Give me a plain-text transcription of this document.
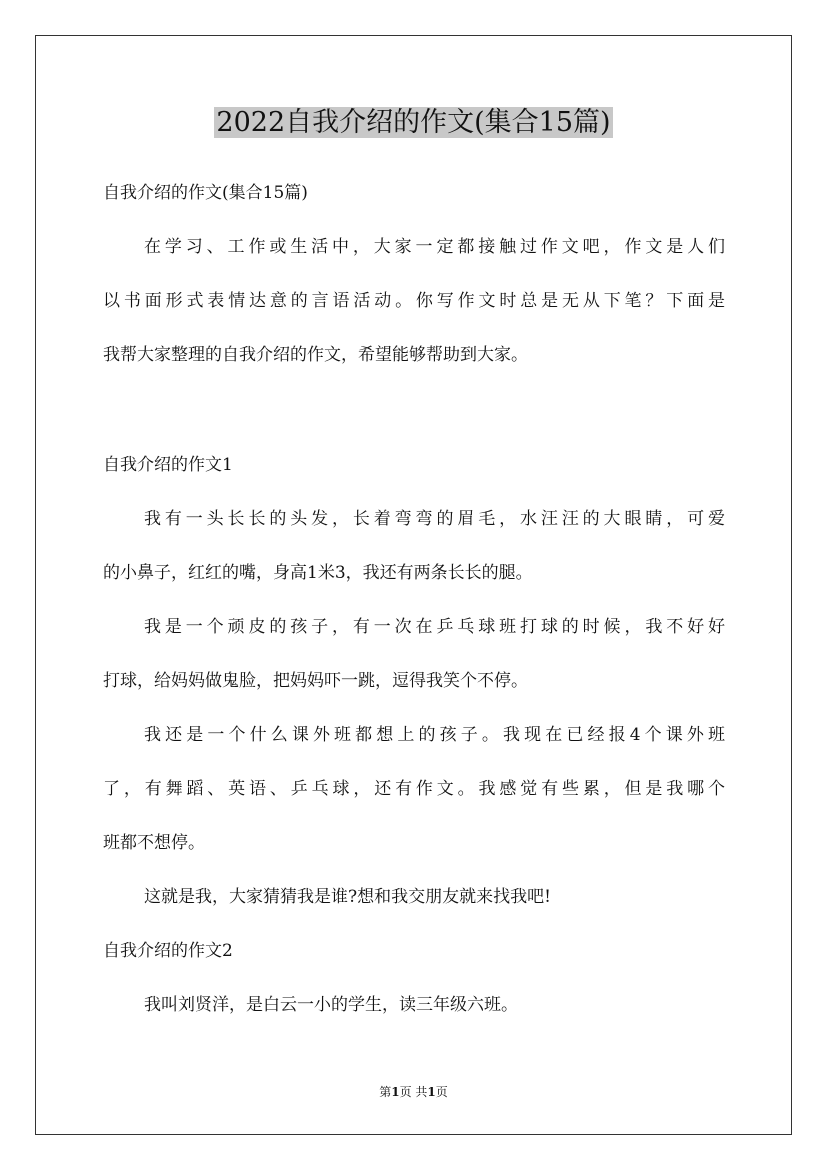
2022自我介绍的作文(集合15篇)

自我介绍的作文(集合15篇)

在学习、工作或生活中，大家一定都接触过作文吧，作文是人们

以书面形式表情达意的言语活动。你写作文时总是无从下笔？下面是

我帮大家整理的自我介绍的作文，希望能够帮助到大家。

自我介绍的作文1

我有一头长长的头发，长着弯弯的眉毛，水汪汪的大眼睛，可爱

的小鼻子，红红的嘴，身高1米3，我还有两条长长的腿。

我是一个顽皮的孩子，有一次在乒乓球班打球的时候，我不好好

打球，给妈妈做鬼脸，把妈妈吓一跳，逗得我笑个不停。

我还是一个什么课外班都想上的孩子。我现在已经报4个课外班

了，有舞蹈、英语、乒乓球，还有作文。我感觉有些累，但是我哪个

班都不想停。

这就是我，大家猜猜我是谁?想和我交朋友就来找我吧!

自我介绍的作文2

我叫刘贤洋，是白云一小的学生，读三年级六班。

第1页 共1页
